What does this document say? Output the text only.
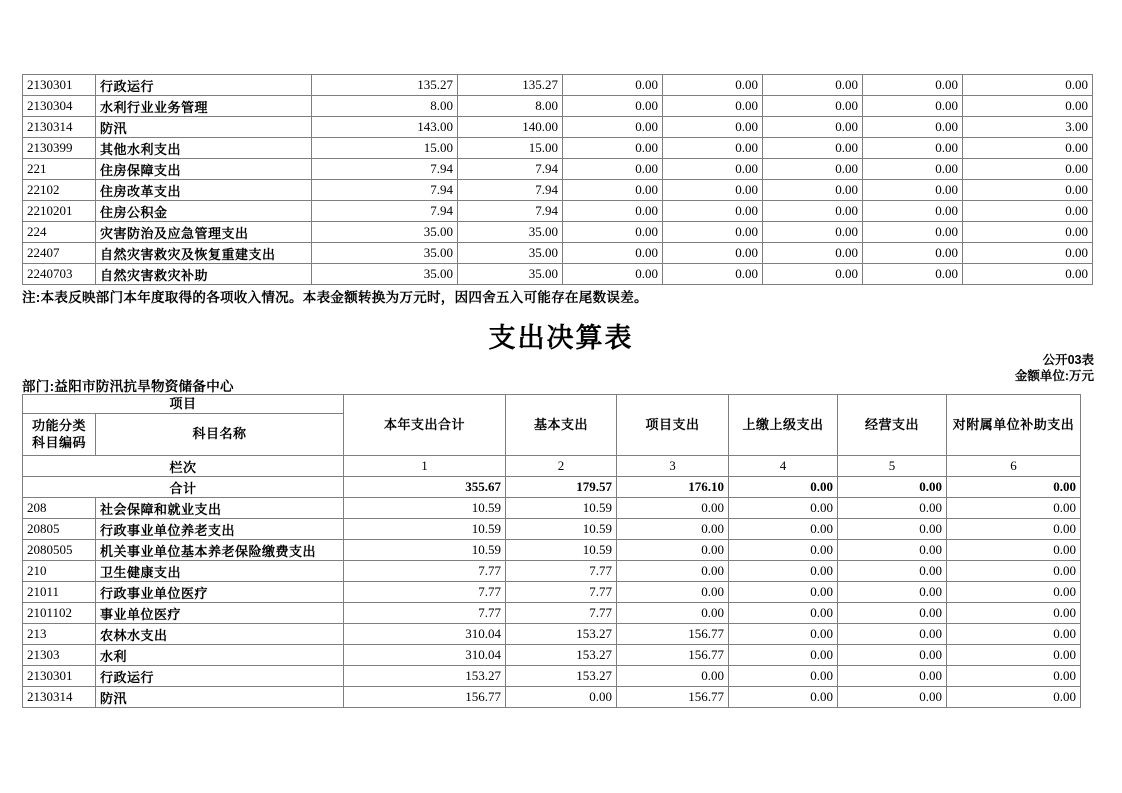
2130301	行政运行	135.27	135.27	0.00	0.00	0.00	0.00	0.00
2130304	水利行业业务管理	8.00	8.00	0.00	0.00	0.00	0.00	0.00
2130314	防汛	143.00	140.00	0.00	0.00	0.00	0.00	3.00
2130399	其他水利支出	15.00	15.00	0.00	0.00	0.00	0.00	0.00
221	住房保障支出	7.94	7.94	0.00	0.00	0.00	0.00	0.00
22102	住房改革支出	7.94	7.94	0.00	0.00	0.00	0.00	0.00
2210201	住房公积金	7.94	7.94	0.00	0.00	0.00	0.00	0.00
224	灾害防治及应急管理支出	35.00	35.00	0.00	0.00	0.00	0.00	0.00
22407	自然灾害救灾及恢复重建支出	35.00	35.00	0.00	0.00	0.00	0.00	0.00
2240703	自然灾害救灾补助	35.00	35.00	0.00	0.00	0.00	0.00	0.00
注:本表反映部门本年度取得的各项收入情况。本表金额转换为万元时，因四舍五入可能存在尾数误差。
支出决算表
公开03表
金额单位:万元
部门:益阳市防汛抗旱物资储备中心
项目		本年支出合计	基本支出	项目支出	上缴上级支出	经营支出	对附属单位补助支出
功能分类科目编码	科目名称						
栏次		1	2	3	4	5	6
合计		355.67	179.57	176.10	0.00	0.00	0.00
208	社会保障和就业支出	10.59	10.59	0.00	0.00	0.00	0.00
20805	行政事业单位养老支出	10.59	10.59	0.00	0.00	0.00	0.00
2080505	机关事业单位基本养老保险缴费支出	10.59	10.59	0.00	0.00	0.00	0.00
210	卫生健康支出	7.77	7.77	0.00	0.00	0.00	0.00
21011	行政事业单位医疗	7.77	7.77	0.00	0.00	0.00	0.00
2101102	事业单位医疗	7.77	7.77	0.00	0.00	0.00	0.00
213	农林水支出	310.04	153.27	156.77	0.00	0.00	0.00
21303	水利	310.04	153.27	156.77	0.00	0.00	0.00
2130301	行政运行	153.27	153.27	0.00	0.00	0.00	0.00
2130314	防汛	156.77	0.00	156.77	0.00	0.00	0.00
